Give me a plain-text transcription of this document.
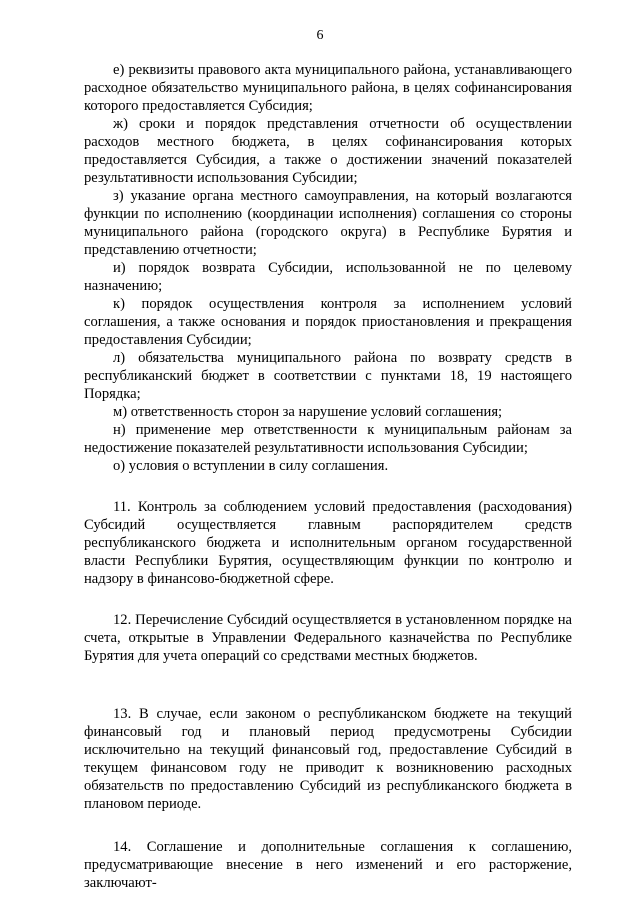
6

е) реквизиты правового акта муниципального района, устанавливающего расходное обязательство муниципального района, в целях софинансирования которого предоставляется Субсидия;

ж) сроки и порядок представления отчетности об осуществлении расходов местного бюджета, в целях софинансирования которых предоставляется Субсидия, а также о достижении значений показателей результативности использования Субсидии;

з) указание органа местного самоуправления, на который возлагаются функции по исполнению (координации исполнения) соглашения со стороны муниципального района (городского округа) в Республике Бурятия и представлению отчетности;

и) порядок возврата Субсидии, использованной не по целевому назначению;

к) порядок осуществления контроля за исполнением условий соглашения, а также основания и порядок приостановления и прекращения предоставления Субсидии;

л) обязательства муниципального района по возврату средств в республиканский бюджет в соответствии с пунктами 18, 19 настоящего Порядка;

м) ответственность сторон за нарушение условий соглашения;

н) применение мер ответственности к муниципальным районам за недостижение показателей результативности использования Субсидии;

о) условия о вступлении в силу соглашения.

11. Контроль за соблюдением условий предоставления (расходования) Субсидий осуществляется главным распорядителем средств республиканского бюджета и исполнительным органом государственной власти Республики Бурятия, осуществляющим функции по контролю и надзору в финансово-бюджетной сфере.

12. Перечисление Субсидий осуществляется в установленном порядке на счета, открытые в Управлении Федерального казначейства по Республике Бурятия для учета операций со средствами местных бюджетов.

13. В случае, если законом о республиканском бюджете на текущий финансовый год и плановый период предусмотрены Субсидии исключительно на текущий финансовый год, предоставление Субсидий в текущем финансовом году не приводит к возникновению расходных обязательств по предоставлению Субсидий из республиканского бюджета в плановом периоде.

14. Соглашение и дополнительные соглашения к соглашению, предусматривающие внесение в него изменений и его расторжение, заключают-
